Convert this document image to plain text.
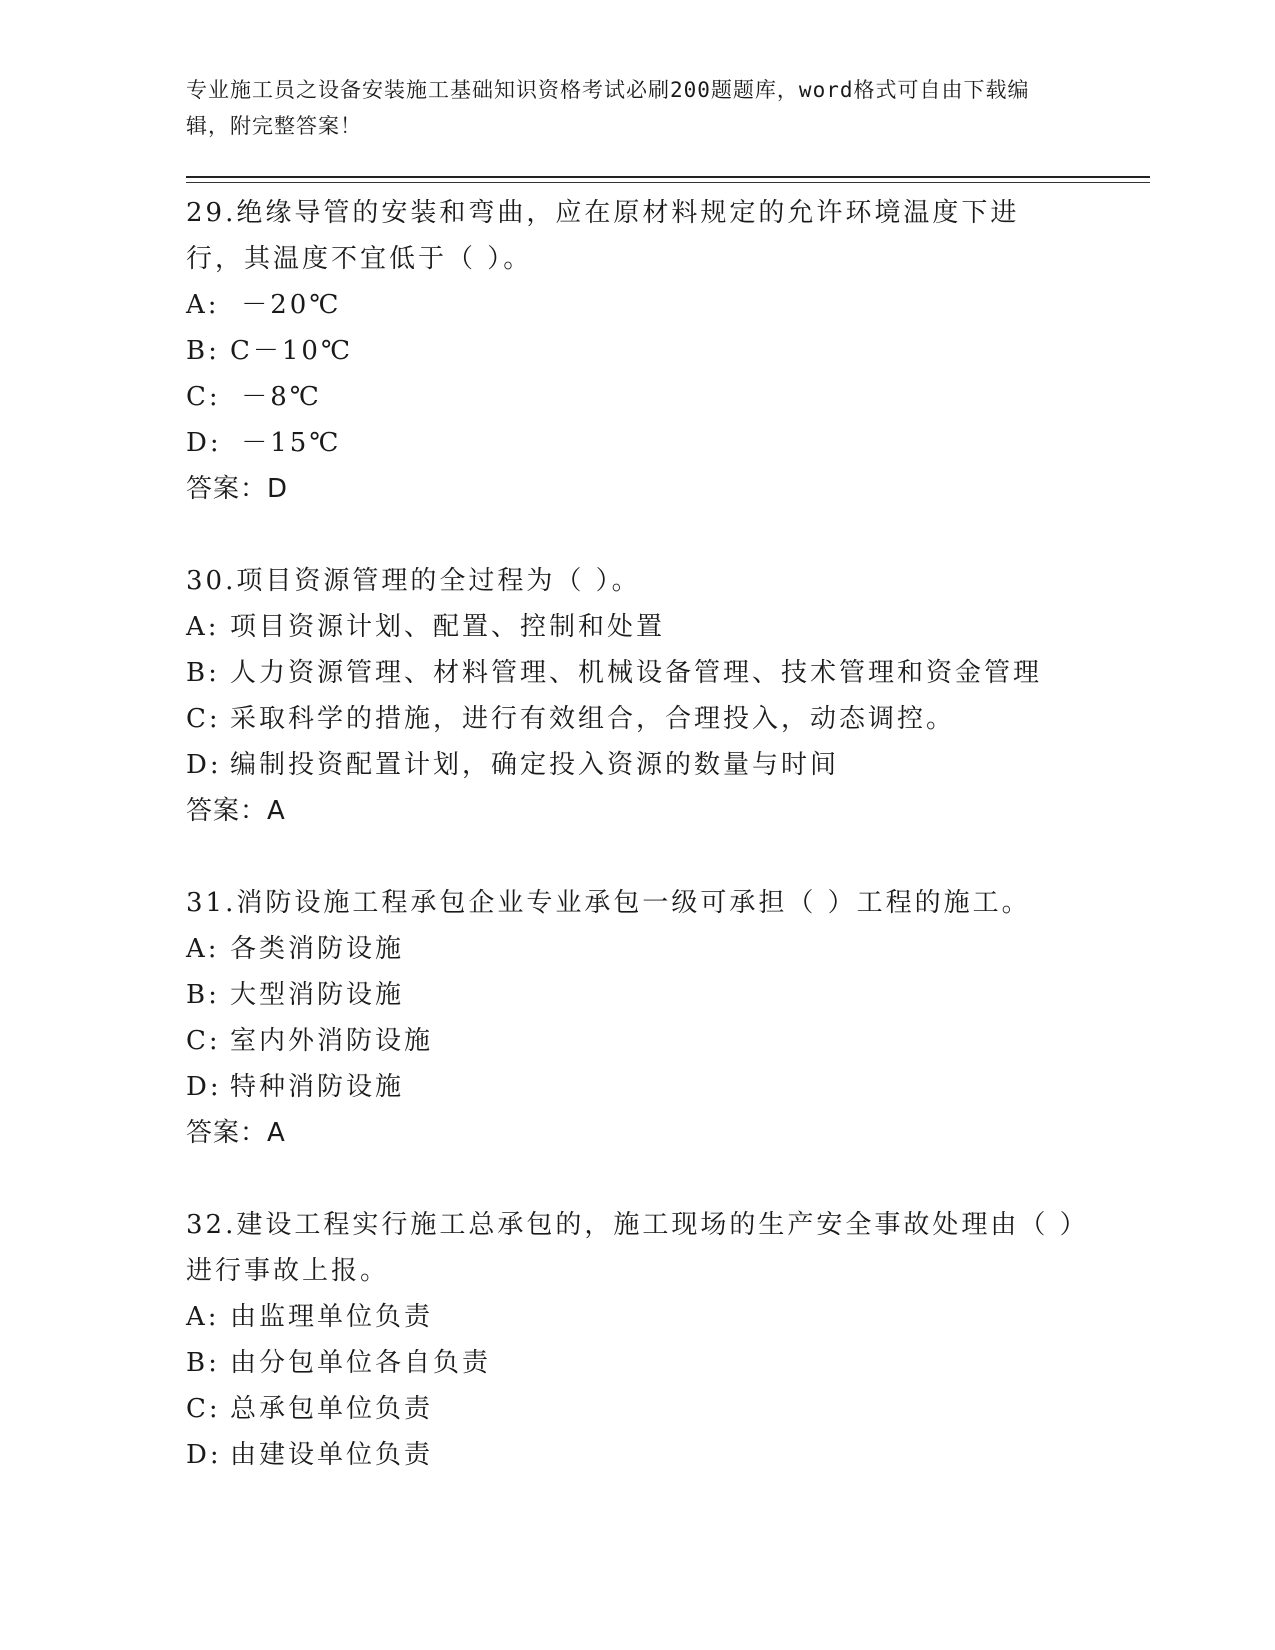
专业施工员之设备安装施工基础知识资格考试必刷200题题库，word格式可自由下载编辑，附完整答案！
29.绝缘导管的安装和弯曲，应在原材料规定的允许环境温度下进行，其温度不宜低于（ ）。
A: －20℃
B: C－10℃
C: －8℃
D: －15℃
答案：D
30.项目资源管理的全过程为（ ）。
A: 项目资源计划、配置、控制和处置
B: 人力资源管理、材料管理、机械设备管理、技术管理和资金管理
C: 采取科学的措施，进行有效组合，合理投入，动态调控。
D: 编制投资配置计划，确定投入资源的数量与时间
答案：A
31.消防设施工程承包企业专业承包一级可承担（ ）工程的施工。
A: 各类消防设施
B: 大型消防设施
C: 室内外消防设施
D: 特种消防设施
答案：A
32.建设工程实行施工总承包的，施工现场的生产安全事故处理由（ ）进行事故上报。
A: 由监理单位负责
B: 由分包单位各自负责
C: 总承包单位负责
D: 由建设单位负责
